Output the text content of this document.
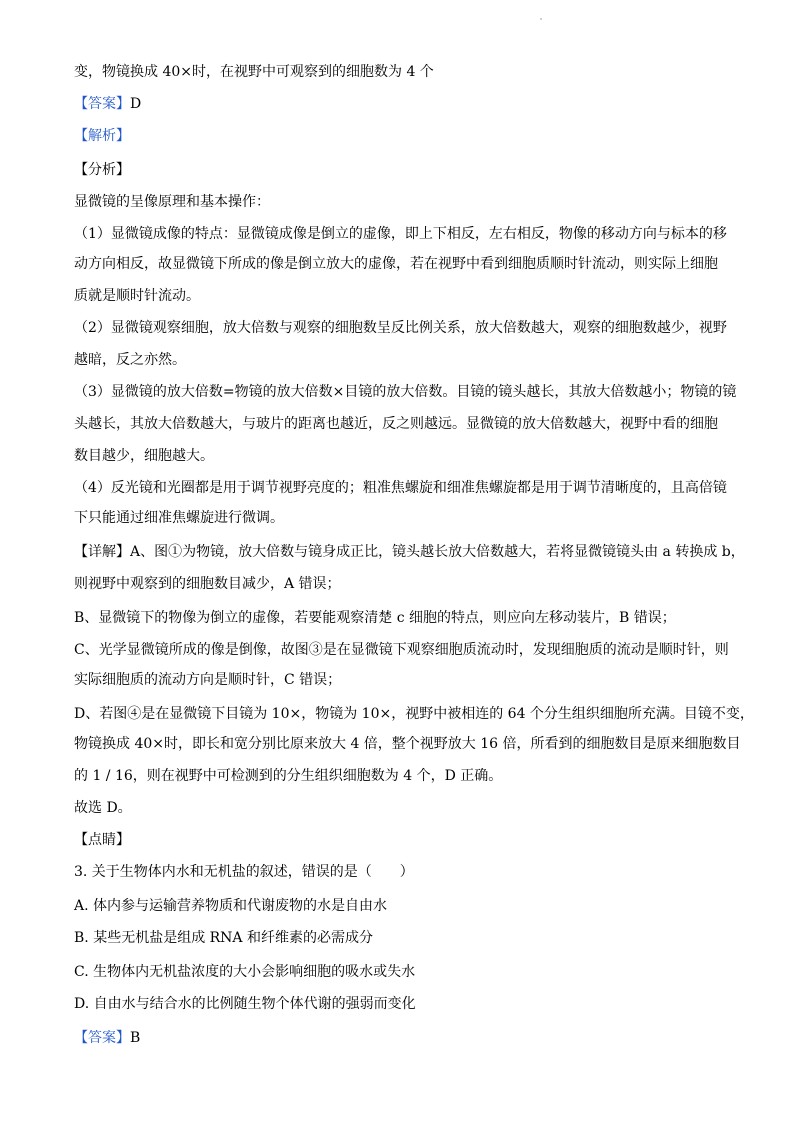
变，物镜换成 40×时，在视野中可观察到的细胞数为 4 个
【答案】D
【解析】
【分析】
显微镜的呈像原理和基本操作：
（1）显微镜成像的特点：显微镜成像是倒立的虚像，即上下相反，左右相反，物像的移动方向与标本的移
动方向相反，故显微镜下所成的像是倒立放大的虚像，若在视野中看到细胞质顺时针流动，则实际上细胞
质就是顺时针流动。
（2）显微镜观察细胞，放大倍数与观察的细胞数呈反比例关系，放大倍数越大，观察的细胞数越少，视野
越暗，反之亦然。
（3）显微镜的放大倍数=物镜的放大倍数×目镜的放大倍数。目镜的镜头越长，其放大倍数越小；物镜的镜
头越长，其放大倍数越大，与玻片的距离也越近，反之则越远。显微镜的放大倍数越大，视野中看的细胞
数目越少，细胞越大。
（4）反光镜和光圈都是用于调节视野亮度的；粗准焦螺旋和细准焦螺旋都是用于调节清晰度的，且高倍镜
下只能通过细准焦螺旋进行微调。
【详解】A、图①为物镜，放大倍数与镜身成正比，镜头越长放大倍数越大，若将显微镜镜头由 a 转换成 b，
则视野中观察到的细胞数目减少，A 错误；
B、显微镜下的物像为倒立的虚像，若要能观察清楚 c 细胞的特点，则应向左移动装片，B 错误；
C、光学显微镜所成的像是倒像，故图③是在显微镜下观察细胞质流动时，发现细胞质的流动是顺时针，则
实际细胞质的流动方向是顺时针，C 错误；
D、若图④是在显微镜下目镜为 10×，物镜为 10×，视野中被相连的 64 个分生组织细胞所充满。目镜不变，
物镜换成 40×时，即长和宽分别比原来放大 4 倍，整个视野放大 16 倍，所看到的细胞数目是原来细胞数目
的 1 / 16，则在视野中可检测到的分生组织细胞数为 4 个，D 正确。
故选 D。
【点睛】
3. 关于生物体内水和无机盐的叙述，错误的是（　　）
A. 体内参与运输营养物质和代谢废物的水是自由水
B. 某些无机盐是组成 RNA 和纤维素的必需成分
C. 生物体内无机盐浓度的大小会影响细胞的吸水或失水
D. 自由水与结合水的比例随生物个体代谢的强弱而变化
【答案】B
